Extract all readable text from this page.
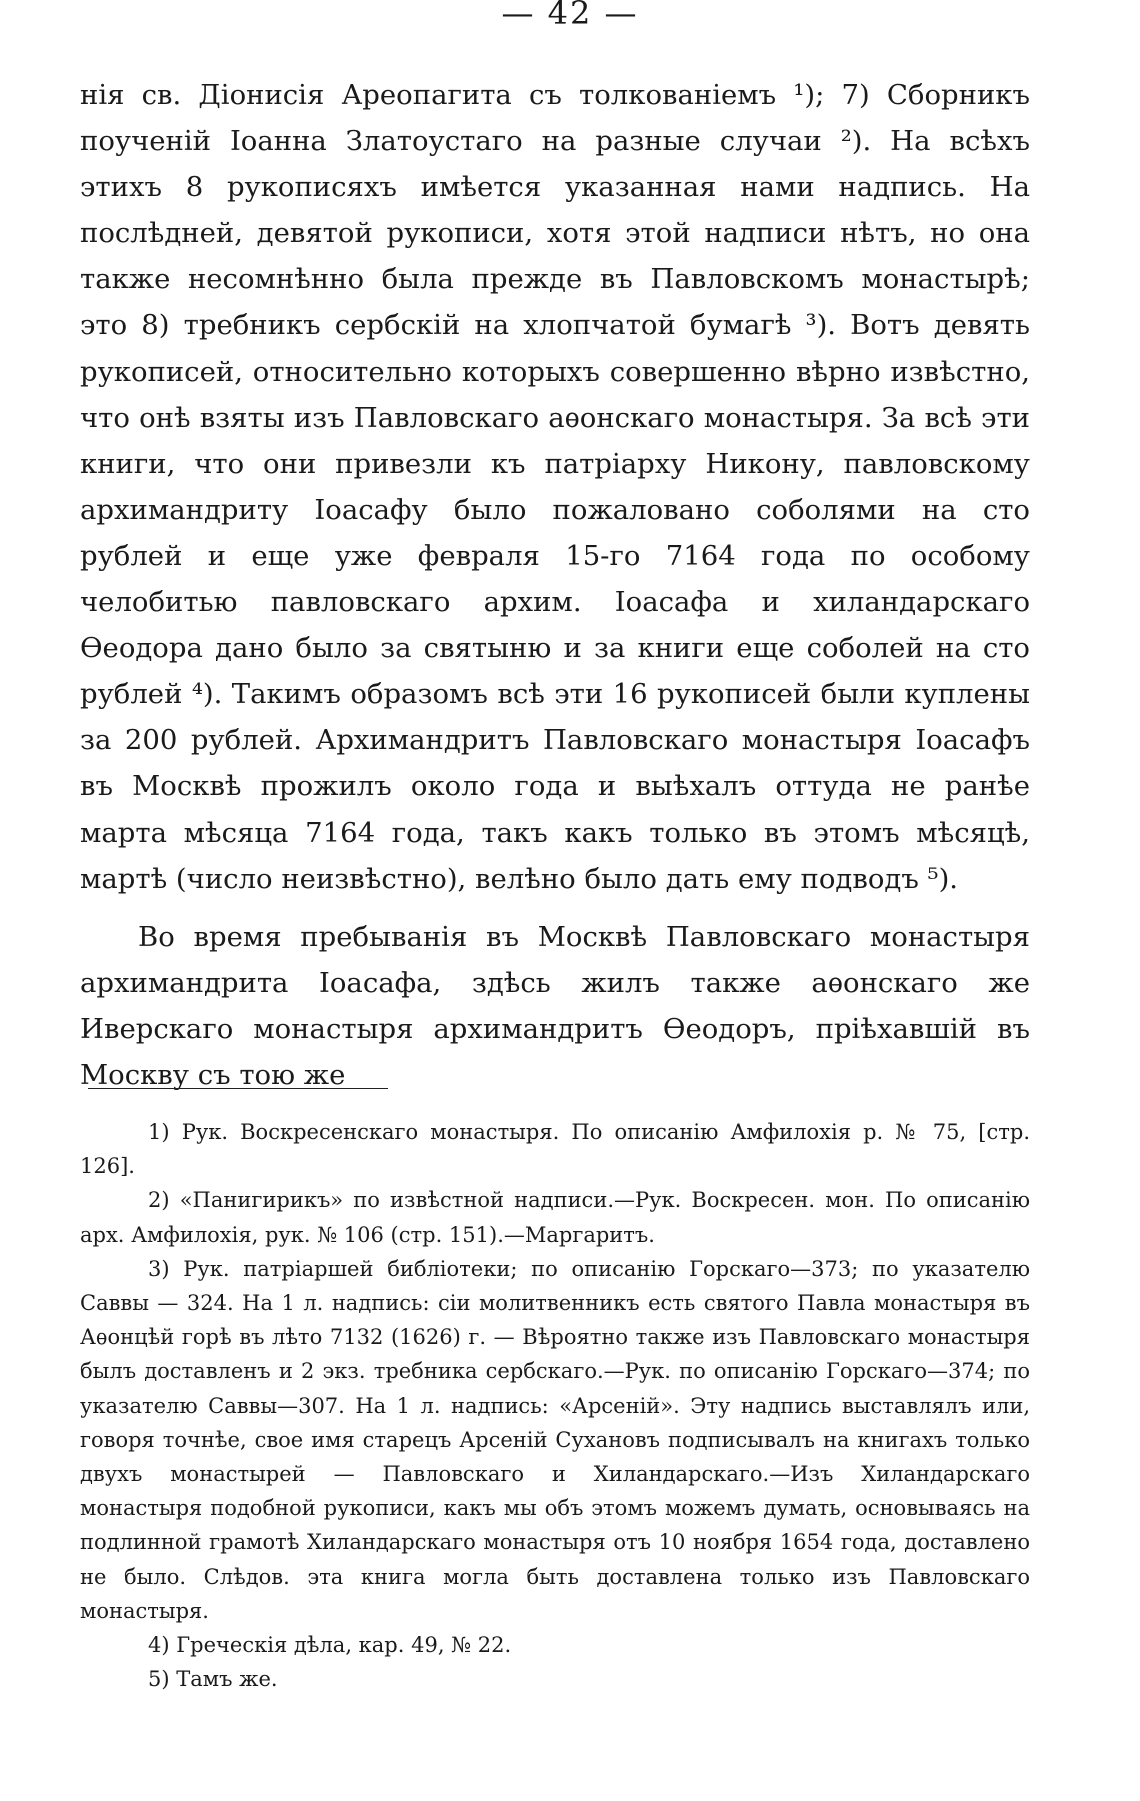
— 42 —

нія св. Діонисія Ареопагита съ толкованіемъ ¹); 7) Сборникъ поученій Іоанна Златоустаго на разные случаи ²). На всѣхъ этихъ 8 рукописяхъ имѣется указанная нами надпись. На послѣдней, девятой рукописи, хотя этой надписи нѣтъ, но она также несомнѣнно была прежде въ Павловскомъ монастырѣ; это 8) требникъ сербскій на хлопчатой бумагѣ ³). Вотъ девять рукописей, относительно которыхъ совершенно вѣрно извѣстно, что онѣ взяты изъ Павловскаго аѳонскаго монастыря. За всѣ эти книги, что они привезли къ патріарху Никону, павловскому архимандриту Іоасафу было пожаловано соболями на сто рублей и еще уже февраля 15-го 7164 года по особому челобитью павловскаго архим. Іоасафа и хиландарскаго Ѳеодора дано было за святыню и за книги еще соболей на сто рублей ⁴). Такимъ образомъ всѣ эти 16 рукописей были куплены за 200 рублей. Архимандритъ Павловскаго монастыря Іоасафъ въ Москвѣ прожилъ около года и выѣхалъ оттуда не ранѣе марта мѣсяца 7164 года, такъ какъ только въ этомъ мѣсяцѣ, мартѣ (число неизвѣстно), велѣно было дать ему подводъ ⁵).

Во время пребыванія въ Москвѣ Павловскаго монастыря архимандрита Іоасафа, здѣсь жилъ также аѳонскаго же Иверскаго монастыря архимандритъ Ѳеодоръ, пріѣхавшій въ Москву съ тою же

1) Рук. Воскресенскаго монастыря. По описанію Амфилохія р. № 75, [стр. 126].

2) «Панигирикъ» по извѣстной надписи.—Рук. Воскресен. мон. По описанію арх. Амфилохія, рук. № 106 (стр. 151).—Маргаритъ.

3) Рук. патріаршей библіотеки; по описанію Горскаго—373; по указателю Саввы — 324. На 1 л. надпись: сіи молитвенникъ есть святого Павла монастыря въ Аѳонцѣй горѣ въ лѣто 7132 (1626) г. — Вѣроятно также изъ Павловскаго монастыря былъ доставленъ и 2 экз. требника сербскаго.—Рук. по описанію Горскаго—374; по указателю Саввы—307. На 1 л. надпись: «Арсеній». Эту надпись выставлялъ или, говоря точнѣе, свое имя старецъ Арсеній Сухановъ подписывалъ на книгахъ только двухъ монастырей — Павловскаго и Хиландарскаго.—Изъ Хиландарскаго монастыря подобной рукописи, какъ мы объ этомъ можемъ думать, основываясь на подлинной грамотѣ Хиландарскаго монастыря отъ 10 ноября 1654 года, доставлено не было. Слѣдов. эта книга могла быть доставлена только изъ Павловскаго монастыря.

4) Греческія дѣла, кар. 49, № 22.

5) Тамъ же.
